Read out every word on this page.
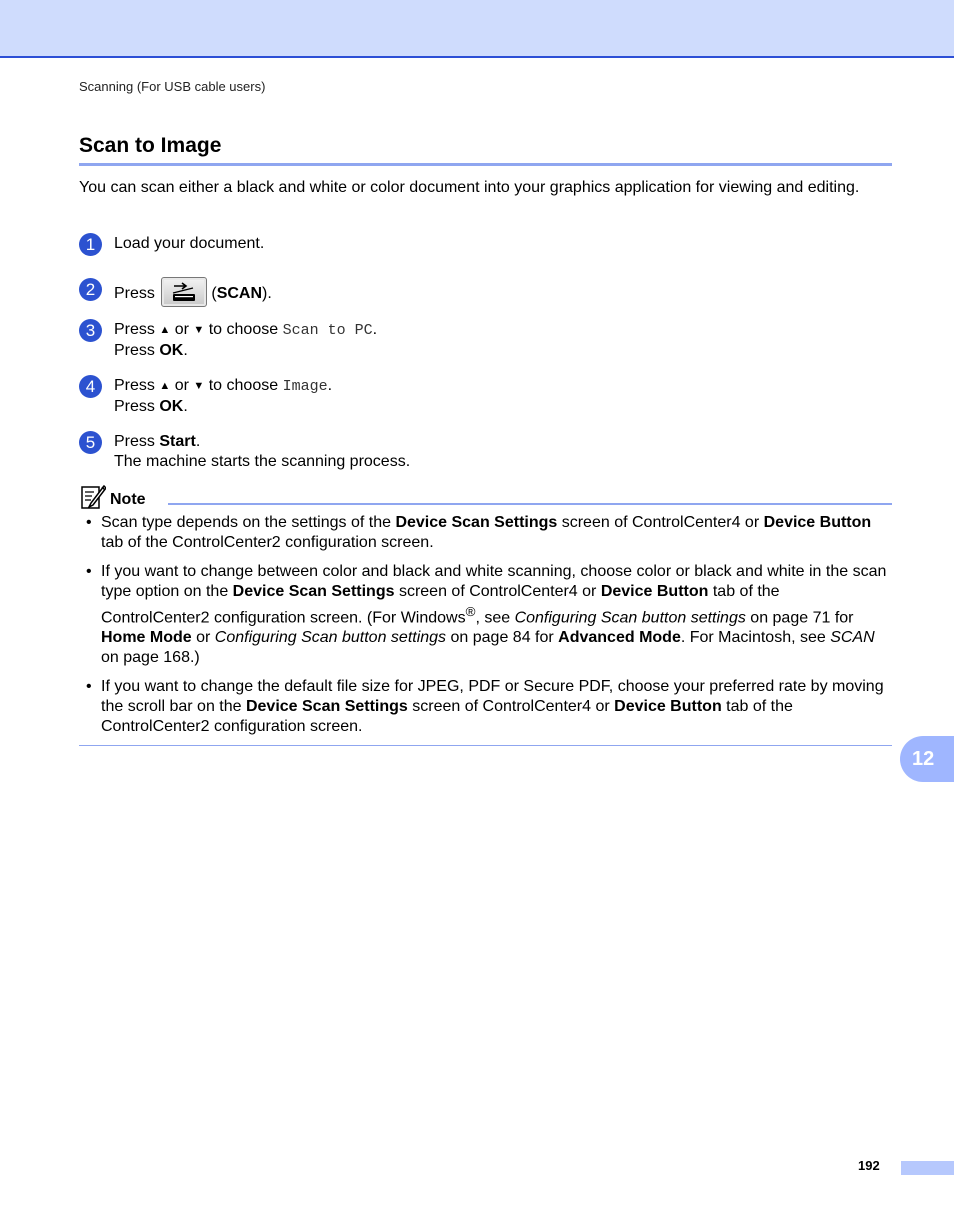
Scanning (For USB cable users)
Scan to Image

You can scan either a black and white or color document into your graphics application for viewing and editing.

1	Load your document.
2	Press	(SCAN).
3	Press ▲ or ▼ to choose Scan to PC.
Press OK.
4	Press ▲ or ▼ to choose Image.
Press OK.
5	Press Start.
The machine starts the scanning process.
Note
• Scan type depends on the settings of the Device Scan Settings screen of ControlCenter4 or Device Button tab of the ControlCenter2 configuration screen.
• If you want to change between color and black and white scanning, choose color or black and white in the scan type option on the Device Scan Settings screen of ControlCenter4 or Device Button tab of the ControlCenter2 configuration screen. (For Windows®, see Configuring Scan button settings on page 71 for Home Mode or Configuring Scan button settings on page 84 for Advanced Mode. For Macintosh, see SCAN on page 168.)
• If you want to change the default file size for JPEG, PDF or Secure PDF, choose your preferred rate by moving the scroll bar on the Device Scan Settings screen of ControlCenter4 or Device Button tab of the ControlCenter2 configuration screen.
12
192
